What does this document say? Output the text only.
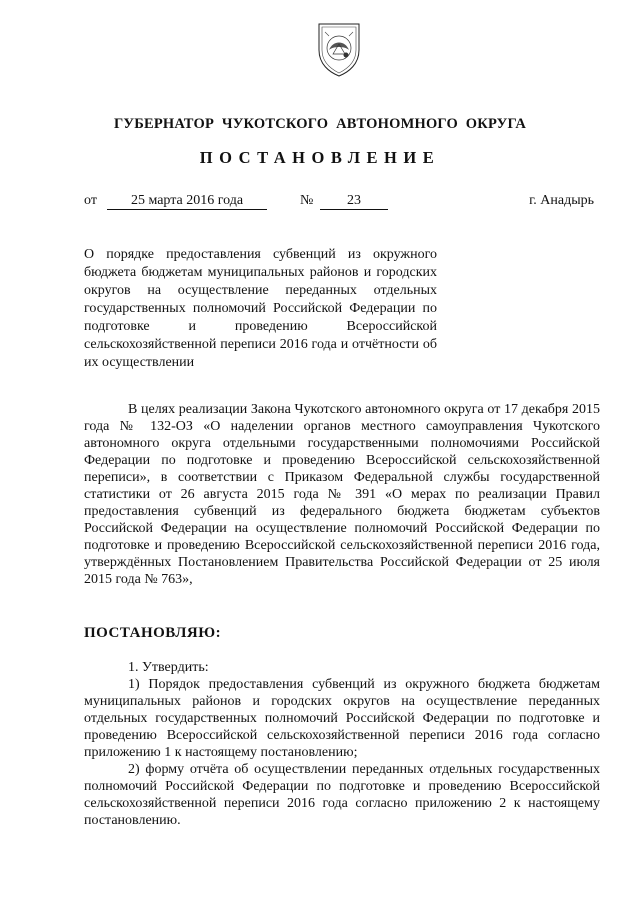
ГУБЕРНАТОР ЧУКОТСКОГО АВТОНОМНОГО ОКРУГА
ПОСТАНОВЛЕНИЕ
от	25 марта 2016 года	№	23	г. Анадырь
О порядке предоставления субвенций из окружного бюджета бюджетам муниципальных районов и городских округов на осуществление переданных отдельных государственных полномочий Российской Федерации по подготовке и проведению Всероссийской сельскохозяйственной переписи 2016 года и отчётности об их осуществлении

В целях реализации Закона Чукотского автономного округа от 17 декабря 2015 года № 132-ОЗ «О наделении органов местного самоуправления Чукотского автономного округа отдельными государственными полномочиями Российской Федерации по подготовке и проведению Всероссийской сельскохозяйственной переписи», в соответствии с Приказом Федеральной службы государственной статистики от 26 августа 2015 года № 391 «О мерах по реализации Правил предоставления субвенций из федерального бюджета бюджетам субъектов Российской Федерации на осуществление полномочий Российской Федерации по подготовке и проведению Всероссийской сельскохозяйственной переписи 2016 года, утверждённых Постановлением Правительства Российской Федерации от 25 июля 2015 года № 763»,

ПОСТАНОВЛЯЮ:

1. Утвердить:

1) Порядок предоставления субвенций из окружного бюджета бюджетам муниципальных районов и городских округов на осуществление переданных отдельных государственных полномочий Российской Федерации по подготовке и проведению Всероссийской сельскохозяйственной переписи 2016 года согласно приложению 1 к настоящему постановлению;

2) форму отчёта об осуществлении переданных отдельных государственных полномочий Российской Федерации по подготовке и проведению Всероссийской сельскохозяйственной переписи 2016 года согласно приложению 2 к настоящему постановлению.
